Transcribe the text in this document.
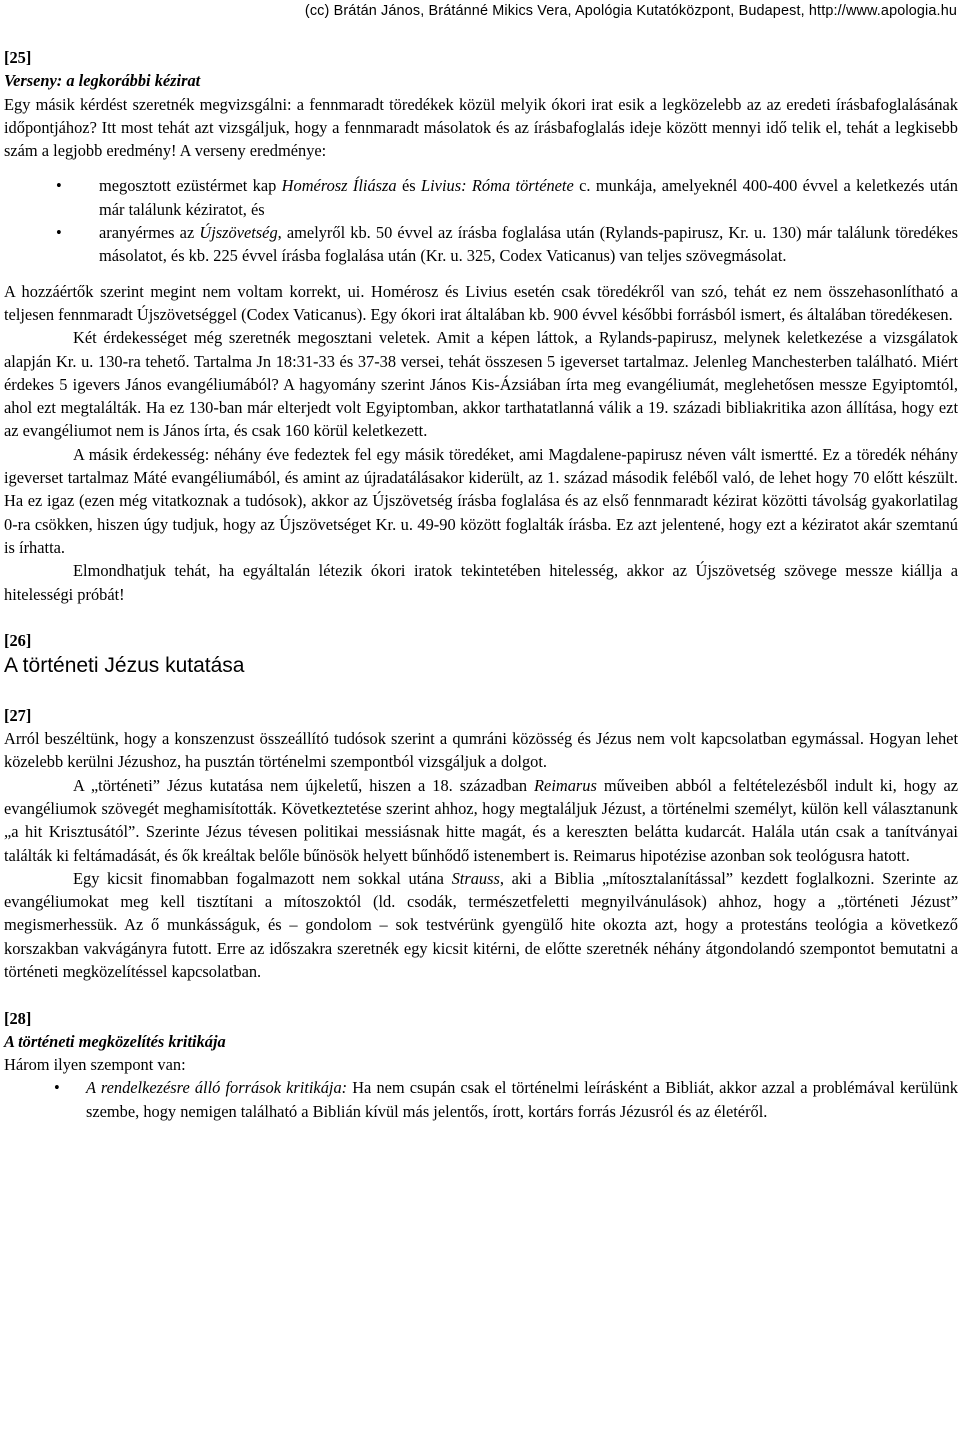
(cc) Brátán János, Brátánné Mikics Vera, Apológia Kutatóközpont, Budapest, http://www.apologia.hu

[25]

Verseny: a legkorábbi kézirat

Egy másik kérdést szeretnék megvizsgálni: a fennmaradt töredékek közül melyik ókori irat esik a legközelebb az az eredeti írásbafoglalásának időpontjához? Itt most tehát azt vizsgáljuk, hogy a fennmaradt másolatok és az írásbafoglalás ideje között mennyi idő telik el, tehát a legkisebb szám a legjobb eredmény! A verseny eredménye:

• megosztott ezüstérmet kap Homérosz Íliásza és Livius: Róma története c. munkája, amelyeknél 400-400 évvel a keletkezés után már találunk kéziratot, és
• aranyérmes az Újszövetség, amelyről kb. 50 évvel az írásba foglalása után (Rylands-papirusz, Kr. u. 130) már találunk töredékes másolatot, és kb. 225 évvel írásba foglalása után (Kr. u. 325, Codex Vaticanus) van teljes szövegmásolat.

A hozzáértők szerint megint nem voltam korrekt, ui. Homérosz és Livius esetén csak töredékről van szó, tehát ez nem összehasonlítható a teljesen fennmaradt Újszövetséggel (Codex Vaticanus). Egy ókori irat általában kb. 900 évvel későbbi forrásból ismert, és általában töredékesen.

Két érdekességet még szeretnék megosztani veletek. Amit a képen láttok, a Rylands-papirusz, melynek keletkezése a vizsgálatok alapján Kr. u. 130-ra tehető. Tartalma Jn 18:31-33 és 37-38 versei, tehát összesen 5 igeverset tartalmaz. Jelenleg Manchesterben található. Miért érdekes 5 igevers János evangéliumából? A hagyomány szerint János Kis-Ázsiában írta meg evangéliumát, meglehetősen messze Egyiptomtól, ahol ezt megtalálták. Ha ez 130-ban már elterjedt volt Egyiptomban, akkor tarthatatlanná válik a 19. századi bibliakritika azon állítása, hogy ezt az evangéliumot nem is János írta, és csak 160 körül keletkezett.

A másik érdekesség: néhány éve fedeztek fel egy másik töredéket, ami Magdalene-papirusz néven vált ismertté. Ez a töredék néhány igeverset tartalmaz Máté evangéliumából, és amint az újradatálásakor kiderült, az 1. század második feléből való, de lehet hogy 70 előtt készült. Ha ez igaz (ezen még vitatkoznak a tudósok), akkor az Újszövetség írásba foglalása és az első fennmaradt kézirat közötti távolság gyakorlatilag 0-ra csökken, hiszen úgy tudjuk, hogy az Újszövetséget Kr. u. 49-90 között foglalták írásba. Ez azt jelentené, hogy ezt a kéziratot akár szemtanú is írhatta.

Elmondhatjuk tehát, ha egyáltalán létezik ókori iratok tekintetében hitelesség, akkor az Újszövetség szövege messze kiállja a hitelességi próbát!

[26]

A történeti Jézus kutatása

[27]

Arról beszéltünk, hogy a konszenzust összeállító tudósok szerint a qumráni közösség és Jézus nem volt kapcsolatban egymással. Hogyan lehet közelebb kerülni Jézushoz, ha pusztán történelmi szempontból vizsgáljuk a dolgot.

A „történeti” Jézus kutatása nem újkeletű, hiszen a 18. században Reimarus műveiben abból a feltételezésből indult ki, hogy az evangéliumok szövegét meghamisították. Következtetése szerint ahhoz, hogy megtaláljuk Jézust, a történelmi személyt, külön kell választanunk „a hit Krisztusától”. Szerinte Jézus tévesen politikai messiásnak hitte magát, és a kereszten belátta kudarcát. Halála után csak a tanítványai találták ki feltámadását, és ők kreáltak belőle bűnösök helyett bűnhődő istenembert is. Reimarus hipotézise azonban sok teológusra hatott.

Egy kicsit finomabban fogalmazott nem sokkal utána Strauss, aki a Biblia „mítosztalanítással” kezdett foglalkozni. Szerinte az evangéliumokat meg kell tisztítani a mítoszoktól (ld. csodák, természetfeletti megnyilvánulások) ahhoz, hogy a „történeti Jézust” megismerhessük. Az ő munkásságuk, és – gondolom – sok testvérünk gyengülő hite okozta azt, hogy a protestáns teológia a következő korszakban vakvágányra futott. Erre az időszakra szeretnék egy kicsit kitérni, de előtte szeretnék néhány átgondolandó szempontot bemutatni a történeti megközelítéssel kapcsolatban.

[28]

A történeti megközelítés kritikája

Három ilyen szempont van:

• A rendelkezésre álló források kritikája: Ha nem csupán csak el történelmi leírásként a Bibliát, akkor azzal a problémával kerülünk szembe, hogy nemigen található a Biblián kívül más jelentős, írott, kortárs forrás Jézusról és az életéről.
